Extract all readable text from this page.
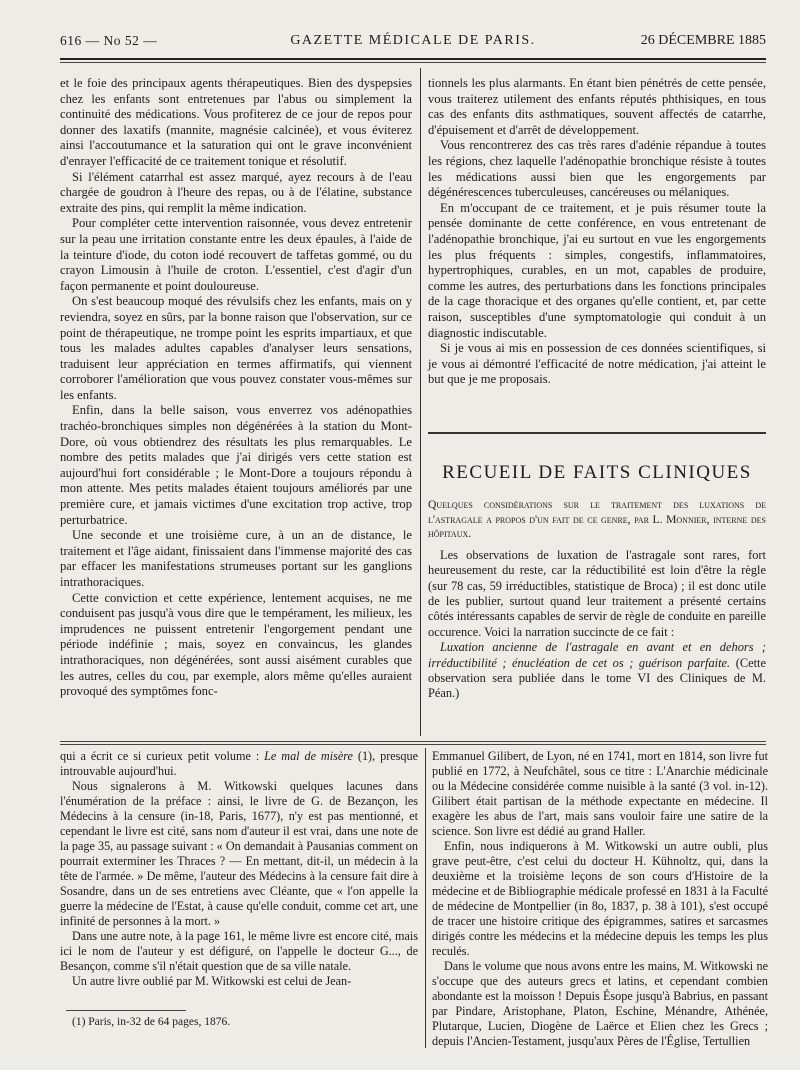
616 — No 52 —	GAZETTE MÉDICALE DE PARIS.	26 DÉCEMBRE 1885

et le foie des principaux agents thérapeutiques. Bien des dyspepsies chez les enfants sont entretenues par l'abus ou simplement la continuité des médications. Vous profiterez de ce jour de repos pour donner des laxatifs (mannite, magnésie calcinée), et vous éviterez ainsi l'accoutumance et la saturation qui ont le grave inconvénient d'enrayer l'efficacité de ce traitement tonique et résolutif.

Si l'élément catarrhal est assez marqué, ayez recours à de l'eau chargée de goudron à l'heure des repas, ou à de l'élatine, substance extraite des pins, qui remplit la même indication.

Pour compléter cette intervention raisonnée, vous devez entretenir sur la peau une irritation constante entre les deux épaules, à l'aide de la teinture d'iode, du coton iodé recouvert de taffetas gommé, ou du crayon Limousin à l'huile de croton. L'essentiel, c'est d'agir d'un façon permanente et point douloureuse.

On s'est beaucoup moqué des révulsifs chez les enfants, mais on y reviendra, soyez en sûrs, par la bonne raison que l'observation, sur ce point de thérapeutique, ne trompe point les esprits impartiaux, et que tous les malades adultes capables d'analyser leurs sensations, traduisent leur appréciation en termes affirmatifs, qui viennent corroborer l'amélioration que vous pouvez constater vous-mêmes sur les enfants.

Enfin, dans la belle saison, vous enverrez vos adénopathies trachéo-bronchiques simples non dégénérées à la station du Mont-Dore, où vous obtiendrez des résultats les plus remarquables. Le nombre des petits malades que j'ai dirigés vers cette station est aujourd'hui fort considérable ; le Mont-Dore a toujours répondu à mon attente. Mes petits malades étaient toujours améliorés par une première cure, et jamais victimes d'une excitation trop active, trop perturbatrice.

Une seconde et une troisième cure, à un an de distance, le traitement et l'âge aidant, finissaient dans l'immense majorité des cas par effacer les manifestations strumeuses portant sur les ganglions intrathoraciques.

Cette conviction et cette expérience, lentement acquises, ne me conduisent pas jusqu'à vous dire que le tempérament, les milieux, les imprudences ne puissent entretenir l'engorgement pendant une période indéfinie ; mais, soyez en convaincus, les glandes intrathoraciques, non dégénérées, sont aussi aisément curables que les autres, celles du cou, par exemple, alors même qu'elles auraient provoqué des symptômes fonc-

tionnels les plus alarmants. En étant bien pénétrés de cette pensée, vous traiterez utilement des enfants réputés phthisiques, en tous cas des enfants dits asthmatiques, souvent affectés de catarrhe, d'épuisement et d'arrêt de développement.

Vous rencontrerez des cas très rares d'adénie répandue à toutes les régions, chez laquelle l'adénopathie bronchique résiste à toutes les médications aussi bien que les engorgements par dégénérescences tuberculeuses, cancéreuses ou mélaniques.

En m'occupant de ce traitement, et je puis résumer toute la pensée dominante de cette conférence, en vous entretenant de l'adénopathie bronchique, j'ai eu surtout en vue les engorgements les plus fréquents : simples, congestifs, inflammatoires, hypertrophiques, curables, en un mot, capables de produire, comme les autres, des perturbations dans les fonctions principales de la cage thoracique et des organes qu'elle contient, et, par cette raison, susceptibles d'une symptomatologie qui conduit à un diagnostic indiscutable.

Si je vous ai mis en possession de ces données scientifiques, si je vous ai démontré l'efficacité de notre médication, j'ai atteint le but que je me proposais.

RECUEIL DE FAITS CLINIQUES

Quelques considérations sur le traitement des luxations de l'astragale a propos d'un fait de ce genre, par L. Monnier, interne des hôpitaux.

Les observations de luxation de l'astragale sont rares, fort heureusement du reste, car la réductibilité est loin d'être la règle (sur 78 cas, 59 irréductibles, statistique de Broca) ; il est donc utile de les publier, surtout quand leur traitement a présenté certains côtés intéressants capables de servir de règle de conduite en pareille occurence. Voici la narration succincte de ce fait :

Luxation ancienne de l'astragale en avant et en dehors ; irréductibilité ; énucléation de cet os ; guérison parfaite. (Cette observation sera publiée dans le tome VI des Cliniques de M. Péan.)

qui a écrit ce si curieux petit volume : Le mal de misère (1), presque introuvable aujourd'hui.

Nous signalerons à M. Witkowski quelques lacunes dans l'énumération de la préface : ainsi, le livre de G. de Bezançon, les Médecins à la censure (in-18, Paris, 1677), n'y est pas mentionné, et cependant le livre est cité, sans nom d'auteur il est vrai, dans une note de la page 35, au passage suivant : « On demandait à Pausanias comment on pourrait exterminer les Thraces ? — En mettant, dit-il, un médecin à la tête de l'armée. » De même, l'auteur des Médecins à la censure fait dire à Sosandre, dans un de ses entretiens avec Cléante, que « l'on appelle la guerre la médecine de l'Estat, à cause qu'elle conduit, comme cet art, une infinité de personnes à la mort. »

Dans une autre note, à la page 161, le même livre est encore cité, mais ici le nom de l'auteur y est défiguré, on l'appelle le docteur G..., de Besançon, comme s'il n'était question que de sa ville natale.

Un autre livre oublié par M. Witkowski est celui de Jean-

(1) Paris, in-32 de 64 pages, 1876.

Emmanuel Gilibert, de Lyon, né en 1741, mort en 1814, son livre fut publié en 1772, à Neufchâtel, sous ce titre : L'Anarchie médicinale ou la Médecine considérée comme nuisible à la santé (3 vol. in-12). Gilibert était partisan de la méthode expectante en médecine. Il exagère les abus de l'art, mais sans vouloir faire une satire de la science. Son livre est dédié au grand Haller.

Enfin, nous indiquerons à M. Witkowski un autre oubli, plus grave peut-être, c'est celui du docteur H. Kühnoltz, qui, dans la deuxième et la troisième leçons de son cours d'Histoire de la médecine et de Bibliographie médicale professé en 1831 à la Faculté de médecine de Montpellier (in 8o, 1837, p. 38 à 101), s'est occupé de tracer une histoire critique des épigrammes, satires et sarcasmes dirigés contre les médecins et la médecine depuis les temps les plus reculés.

Dans le volume que nous avons entre les mains, M. Witkowski ne s'occupe que des auteurs grecs et latins, et cependant combien abondante est la moisson ! Depuis Ésope jusqu'à Babrius, en passant par Pindare, Aristophane, Platon, Eschine, Ménandre, Athénée, Plutarque, Lucien, Diogène de Laërce et Elien chez les Grecs ; depuis l'Ancien-Testament, jusqu'aux Pères de l'Église, Tertullien
